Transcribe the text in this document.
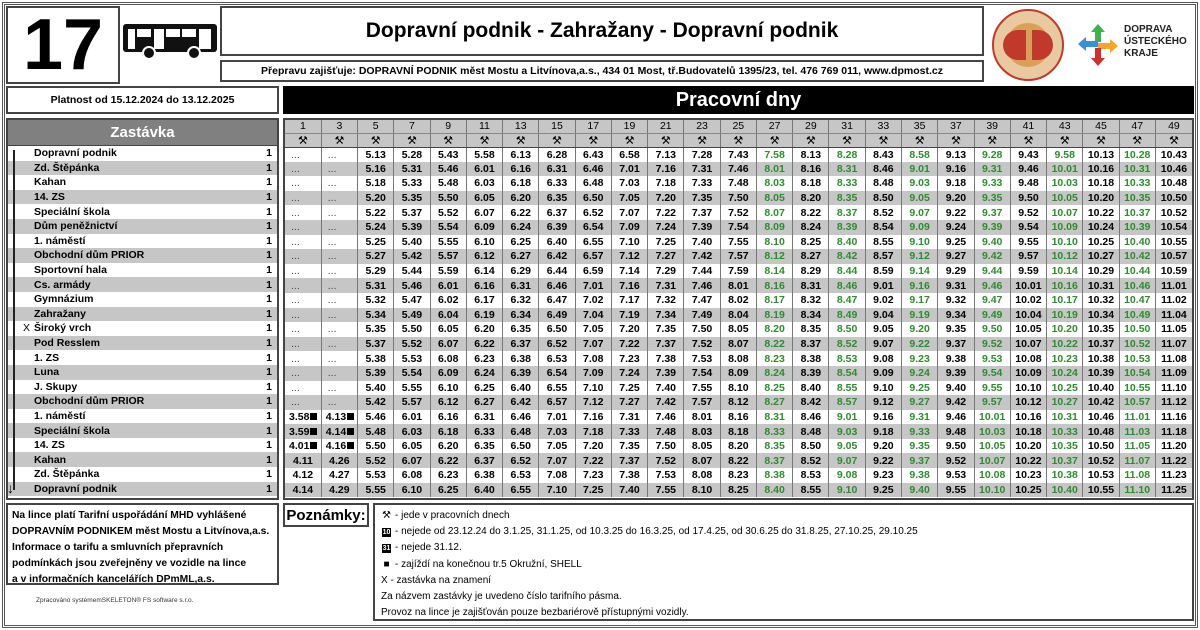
17	Dopravní podnik - Zahražany - Dopravní podnik
Přepravu zajišťuje: DOPRAVNÍ PODNIK měst Mostu a Litvínova,a.s., 434 01 Most, tř.Budovatelů 1395/23, tel. 476 769 011, www.dpmost.cz
DOPRAVA
ÚSTECKÉHO
KRAJE
Platnost od 15.12.2024 do 13.12.2025	Pracovní dny
Zastávka
Dopravní podnik	1
Zd. Štěpánka	1
Kahan	1
14. ZS	1
Speciální škola	1
Dům peněžnictví	1
1. náměstí	1
Obchodní dům PRIOR	1
Sportovní hala	1
Cs. armády	1
Gymnázium	1
Zahražany	1
X Široký vrch	1
Pod Resslem	1
1. ZS	1
Luna	1
J. Skupy	1
Obchodní dům PRIOR	1
1. náměstí	1
Speciální škola	1
14. ZS	1
Kahan	1
Zd. Štěpánka	1
Dopravní podnik	1
↓
1	3	5	7	9	11	13	15	17	19	21	23	25	27	29	31	33	35	37	39	41	43	45	47	49
⚒	⚒	⚒	⚒	⚒	⚒	⚒	⚒	⚒	⚒	⚒	⚒	⚒	⚒	⚒	⚒	⚒	⚒	⚒	⚒	⚒	⚒	⚒	⚒	⚒
...	...	5.13	5.28	5.43	5.58	6.13	6.28	6.43	6.58	7.13	7.28	7.43	7.58	8.13	8.28	8.43	8.58	9.13	9.28	9.43	9.58	10.13	10.28	10.43
...	...	5.16	5.31	5.46	6.01	6.16	6.31	6.46	7.01	7.16	7.31	7.46	8.01	8.16	8.31	8.46	9.01	9.16	9.31	9.46	10.01	10.16	10.31	10.46
...	...	5.18	5.33	5.48	6.03	6.18	6.33	6.48	7.03	7.18	7.33	7.48	8.03	8.18	8.33	8.48	9.03	9.18	9.33	9.48	10.03	10.18	10.33	10.48
...	...	5.20	5.35	5.50	6.05	6.20	6.35	6.50	7.05	7.20	7.35	7.50	8.05	8.20	8.35	8.50	9.05	9.20	9.35	9.50	10.05	10.20	10.35	10.50
...	...	5.22	5.37	5.52	6.07	6.22	6.37	6.52	7.07	7.22	7.37	7.52	8.07	8.22	8.37	8.52	9.07	9.22	9.37	9.52	10.07	10.22	10.37	10.52
...	...	5.24	5.39	5.54	6.09	6.24	6.39	6.54	7.09	7.24	7.39	7.54	8.09	8.24	8.39	8.54	9.09	9.24	9.39	9.54	10.09	10.24	10.39	10.54
...	...	5.25	5.40	5.55	6.10	6.25	6.40	6.55	7.10	7.25	7.40	7.55	8.10	8.25	8.40	8.55	9.10	9.25	9.40	9.55	10.10	10.25	10.40	10.55
...	...	5.27	5.42	5.57	6.12	6.27	6.42	6.57	7.12	7.27	7.42	7.57	8.12	8.27	8.42	8.57	9.12	9.27	9.42	9.57	10.12	10.27	10.42	10.57
...	...	5.29	5.44	5.59	6.14	6.29	6.44	6.59	7.14	7.29	7.44	7.59	8.14	8.29	8.44	8.59	9.14	9.29	9.44	9.59	10.14	10.29	10.44	10.59
...	...	5.31	5.46	6.01	6.16	6.31	6.46	7.01	7.16	7.31	7.46	8.01	8.16	8.31	8.46	9.01	9.16	9.31	9.46	10.01	10.16	10.31	10.46	11.01
...	...	5.32	5.47	6.02	6.17	6.32	6.47	7.02	7.17	7.32	7.47	8.02	8.17	8.32	8.47	9.02	9.17	9.32	9.47	10.02	10.17	10.32	10.47	11.02
...	...	5.34	5.49	6.04	6.19	6.34	6.49	7.04	7.19	7.34	7.49	8.04	8.19	8.34	8.49	9.04	9.19	9.34	9.49	10.04	10.19	10.34	10.49	11.04
...	...	5.35	5.50	6.05	6.20	6.35	6.50	7.05	7.20	7.35	7.50	8.05	8.20	8.35	8.50	9.05	9.20	9.35	9.50	10.05	10.20	10.35	10.50	11.05
...	...	5.37	5.52	6.07	6.22	6.37	6.52	7.07	7.22	7.37	7.52	8.07	8.22	8.37	8.52	9.07	9.22	9.37	9.52	10.07	10.22	10.37	10.52	11.07
...	...	5.38	5.53	6.08	6.23	6.38	6.53	7.08	7.23	7.38	7.53	8.08	8.23	8.38	8.53	9.08	9.23	9.38	9.53	10.08	10.23	10.38	10.53	11.08
...	...	5.39	5.54	6.09	6.24	6.39	6.54	7.09	7.24	7.39	7.54	8.09	8.24	8.39	8.54	9.09	9.24	9.39	9.54	10.09	10.24	10.39	10.54	11.09
...	...	5.40	5.55	6.10	6.25	6.40	6.55	7.10	7.25	7.40	7.55	8.10	8.25	8.40	8.55	9.10	9.25	9.40	9.55	10.10	10.25	10.40	10.55	11.10
...	...	5.42	5.57	6.12	6.27	6.42	6.57	7.12	7.27	7.42	7.57	8.12	8.27	8.42	8.57	9.12	9.27	9.42	9.57	10.12	10.27	10.42	10.57	11.12
3.58	4.13	5.46	6.01	6.16	6.31	6.46	7.01	7.16	7.31	7.46	8.01	8.16	8.31	8.46	9.01	9.16	9.31	9.46	10.01	10.16	10.31	10.46	11.01	11.16
3.59	4.14	5.48	6.03	6.18	6.33	6.48	7.03	7.18	7.33	7.48	8.03	8.18	8.33	8.48	9.03	9.18	9.33	9.48	10.03	10.18	10.33	10.48	11.03	11.18
4.01	4.16	5.50	6.05	6.20	6.35	6.50	7.05	7.20	7.35	7.50	8.05	8.20	8.35	8.50	9.05	9.20	9.35	9.50	10.05	10.20	10.35	10.50	11.05	11.20
4.11	4.26	5.52	6.07	6.22	6.37	6.52	7.07	7.22	7.37	7.52	8.07	8.22	8.37	8.52	9.07	9.22	9.37	9.52	10.07	10.22	10.37	10.52	11.07	11.22
4.12	4.27	5.53	6.08	6.23	6.38	6.53	7.08	7.23	7.38	7.53	8.08	8.23	8.38	8.53	9.08	9.23	9.38	9.53	10.08	10.23	10.38	10.53	11.08	11.23
4.14	4.29	5.55	6.10	6.25	6.40	6.55	7.10	7.25	7.40	7.55	8.10	8.25	8.40	8.55	9.10	9.25	9.40	9.55	10.10	10.25	10.40	10.55	11.10	11.25
Na lince platí Tarifní uspořádání MHD vyhlášené
DOPRAVNÍM PODNIKEM měst Mostu a Litvínova,a.s.
Informace o tarifu a smluvních přepravních
podmínkách jsou zveřejněny ve vozidle na lince
a v informačních kancelářích DPmML,a.s.
Zpracováno systémemSKELETON® FS software s.r.o.
Poznámky:	⚒ - jede v pracovních dnech
10 - nejede od 23.12.24 do 3.1.25, 31.1.25, od 10.3.25 do 16.3.25, od 17.4.25, od 30.6.25 do 31.8.25, 27.10.25, 29.10.25
31 - nejede 31.12.
■ - zajíždí na konečnou tr.5 Okružní, SHELL
X - zastávka na znamení
Za názvem zastávky je uvedeno číslo tarifního pásma.
Provoz na lince je zajišťován pouze bezbariérově přístupnými vozidly.
